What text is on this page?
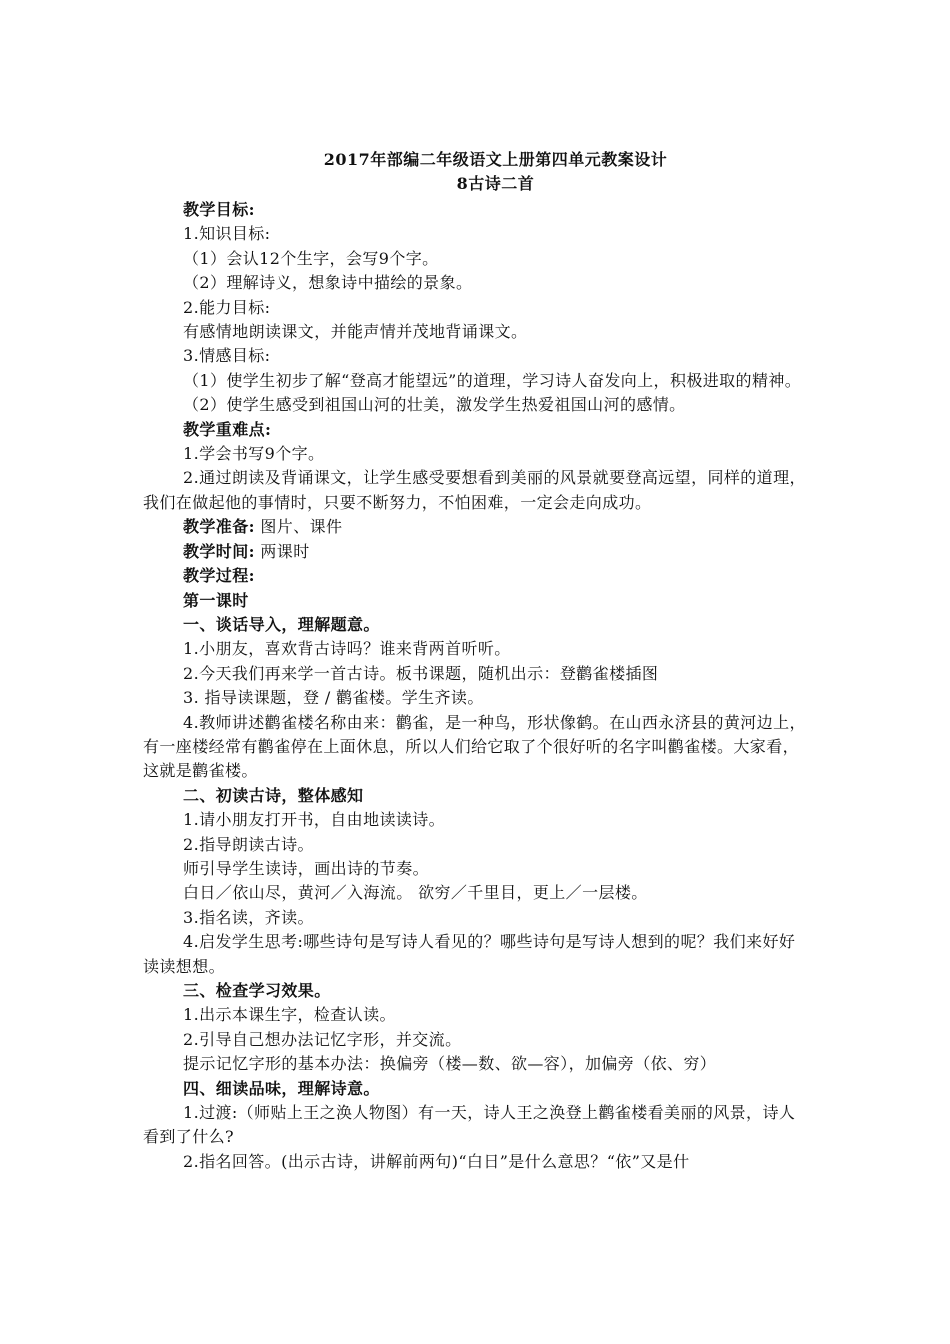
2017年部编二年级语文上册第四单元教案设计
8古诗二首

教学目标:

1.知识目标:

（1）会认12个生字，会写9个字。

（2）理解诗义，想象诗中描绘的景象。

2.能力目标:

有感情地朗读课文，并能声情并茂地背诵课文。

3.情感目标:

（1）使学生初步了解“登高才能望远”的道理，学习诗人奋发向上，积极进取的精神。

（2）使学生感受到祖国山河的壮美，激发学生热爱祖国山河的感情。

教学重难点:

1.学会书写9个字。

2.通过朗读及背诵课文，让学生感受要想看到美丽的风景就要登高远望，同样的道理，我们在做起他的事情时，只要不断努力，不怕困难，一定会走向成功。

教学准备: 图片、课件

教学时间: 两课时

教学过程:

第一课时

一、谈话导入，理解题意。

1.小朋友，喜欢背古诗吗？谁来背两首听听。

2.今天我们再来学一首古诗。板书课题，随机出示：登鹳雀楼插图

3. 指导读课题，登 / 鹳雀楼。学生齐读。

4.教师讲述鹳雀楼名称由来：鹳雀，是一种鸟，形状像鹤。在山西永济县的黄河边上，有一座楼经常有鹳雀停在上面休息，所以人们给它取了个很好听的名字叫鹳雀楼。大家看，这就是鹳雀楼。

二、初读古诗，整体感知

1.请小朋友打开书，自由地读读诗。

2.指导朗读古诗。

师引导学生读诗，画出诗的节奏。

白日／依山尽，黄河／入海流。 欲穷／千里目，更上／一层楼。

3.指名读，齐读。

4.启发学生思考:哪些诗句是写诗人看见的？哪些诗句是写诗人想到的呢？我们来好好读读想想。

三、检查学习效果。

1.出示本课生字，检查认读。

2.引导自己想办法记忆字形，并交流。

提示记忆字形的基本办法：换偏旁（楼—数、欲—容），加偏旁（依、穷）

四、细读品味，理解诗意。

1.过渡:（师贴上王之涣人物图）有一天，诗人王之涣登上鹳雀楼看美丽的风景，诗人看到了什么?

2.指名回答。(出示古诗，讲解前两句)“白日”是什么意思？“依”又是什
